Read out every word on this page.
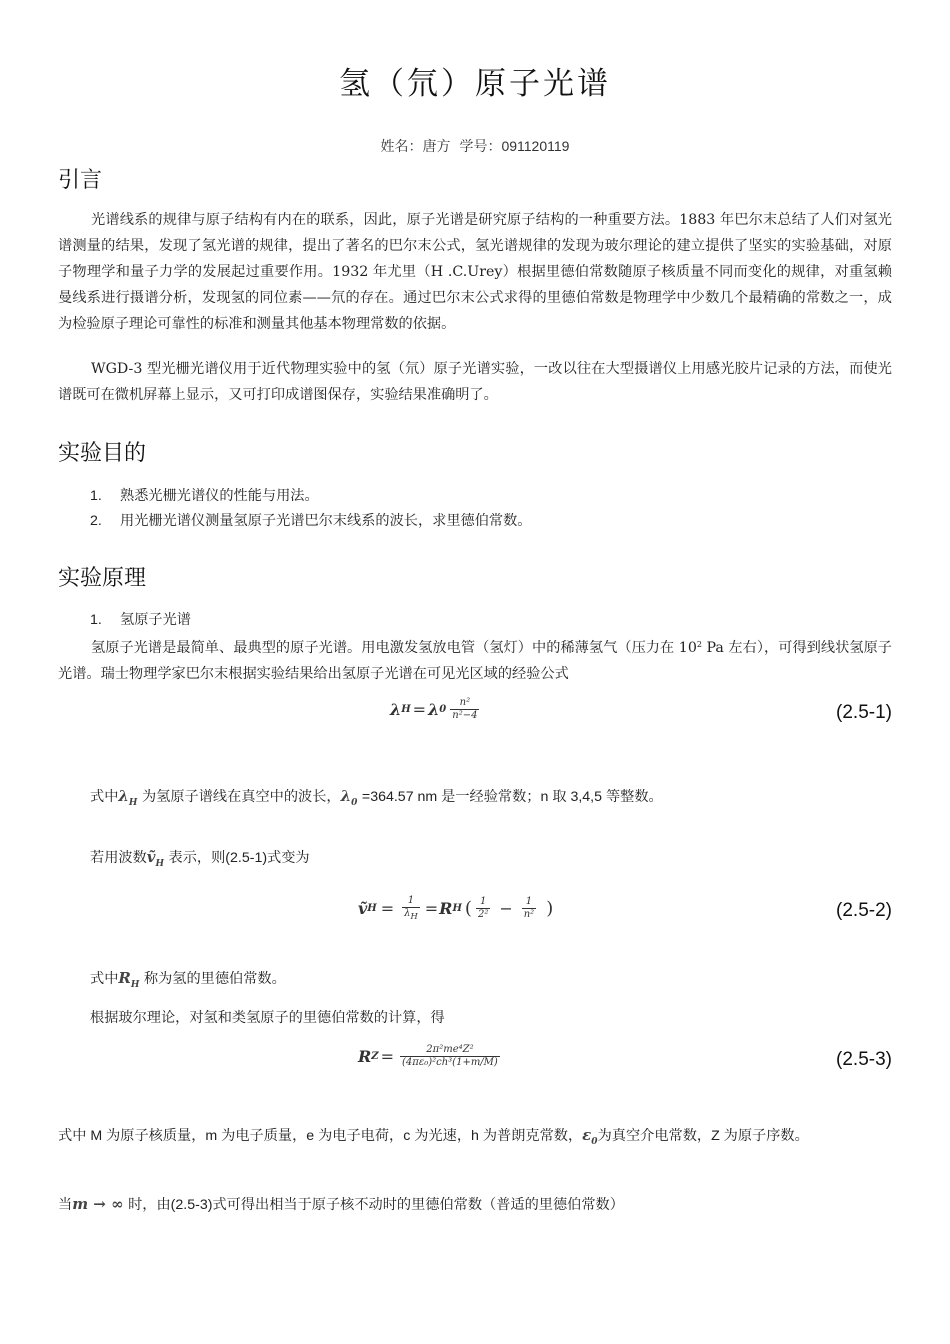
氢（氘）原子光谱
姓名：唐方 学号：091120119
引言
光谱线系的规律与原子结构有内在的联系，因此，原子光谱是研究原子结构的一种重要方法。1883 年巴尔末总结了人们对氢光谱测量的结果，发现了氢光谱的规律，提出了著名的巴尔末公式，氢光谱规律的发现为玻尔理论的建立提供了坚实的实验基础，对原子物理学和量子力学的发展起过重要作用。1932 年尤里（H .C.Urey）根据里德伯常数随原子核质量不同而变化的规律，对重氢赖曼线系进行摄谱分析，发现氢的同位素——氘的存在。通过巴尔末公式求得的里德伯常数是物理学中少数几个最精确的常数之一，成为检验原子理论可靠性的标准和测量其他基本物理常数的依据。
WGD-3 型光栅光谱仪用于近代物理实验中的氢（氘）原子光谱实验，一改以往在大型摄谱仪上用感光胶片记录的方法，而使光谱既可在微机屏幕上显示，又可打印成谱图保存，实验结果准确明了。
实验目的
1. 熟悉光栅光谱仪的性能与用法。
2. 用光栅光谱仪测量氢原子光谱巴尔末线系的波长，求里德伯常数。
实验原理
1. 氢原子光谱
氢原子光谱是最简单、最典型的原子光谱。用电激发氢放电管（氢灯）中的稀薄氢气（压力在 $10^2$ Pa 左右），可得到线状氢原子光谱。瑞士物理学家巴尔末根据实验结果给出氢原子光谱在可见光区域的经验公式
λ H = λ $0 \frac{\text{n²}}{\text{n²−4}}$	(2.5-1)
式中$\lambda_H$ 为氢原子谱线在真空中的波长，$\lambda_0 =364.57$ nm 是一经验常数；n 取 3,4,5 等整数。
若用波数ṽ$_H$ 表示，则(2.5-1)式变为
ṽ $H = \frac{1}{\lambda_H} = R$ H ( $\frac{1}{\text{2²}} - \frac{1}{\text{n²}}$ )	(2.5-2)
式中$R_H$ 称为氢的里德伯常数。
根据玻尔理论，对氢和类氢原子的里德伯常数的计算，得
R $Z = \frac{\text{2π²me⁴Z²}}{\text{(4πε₀)²ch³(1+m/M)}}$	(2.5-3)
式中 M 为原子核质量，m 为电子质量，e 为电子电荷，c 为光速，h 为普朗克常数，$\varepsilon_0$为真空介电常数，Z 为原子序数。
当m → ∞ 时，由(2.5-3)式可得出相当于原子核不动时的里德伯常数（普适的里德伯常数）
